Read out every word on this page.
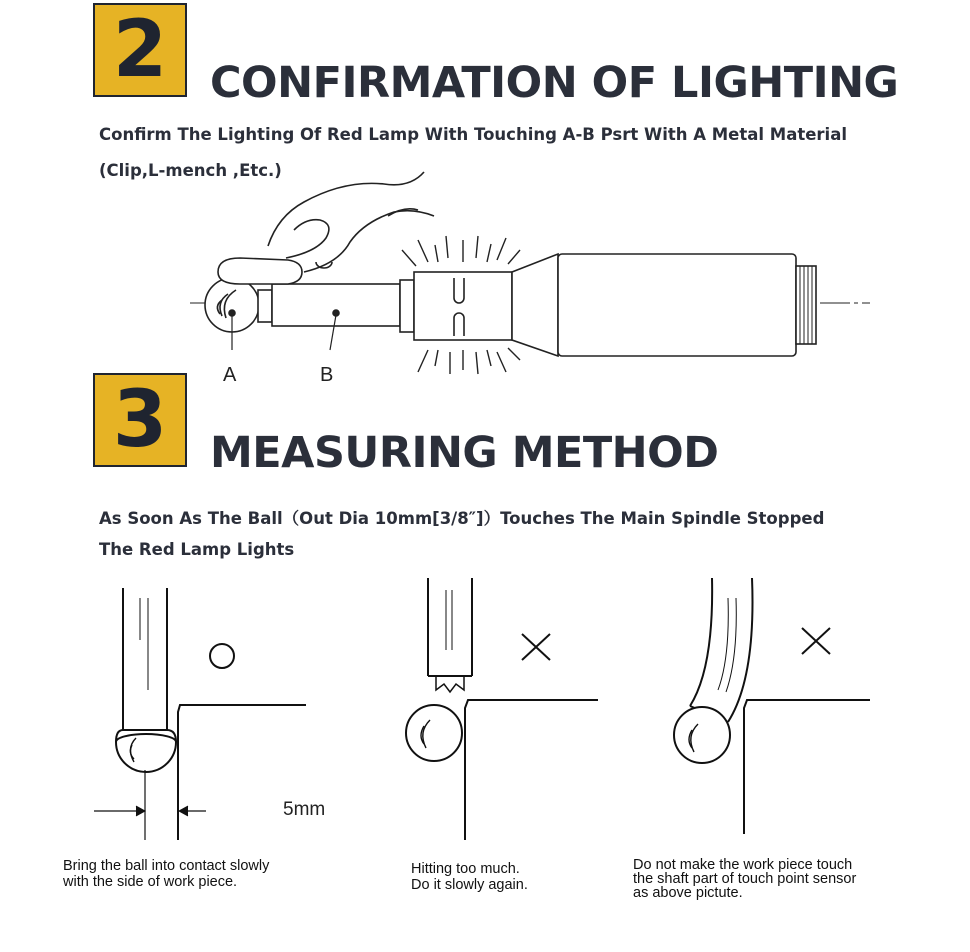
2 CONFIRMATION OF LIGHTING
Confirm The Lighting Of Red Lamp With Touching A-B Psrt With A Metal Material
(Clip,L-mench ,Etc.)
A	B
3 MEASURING METHOD
As Soon As The Ball（Out Dia 10mm[3/8″]）Touches The Main Spindle Stopped
The Red Lamp Lights
5mm
Bring the ball into contact slowly
with the side of work piece.
Hitting too much.
Do it slowly again.
Do not make the work piece touch
the shaft part of touch point sensor
as above pictute.
